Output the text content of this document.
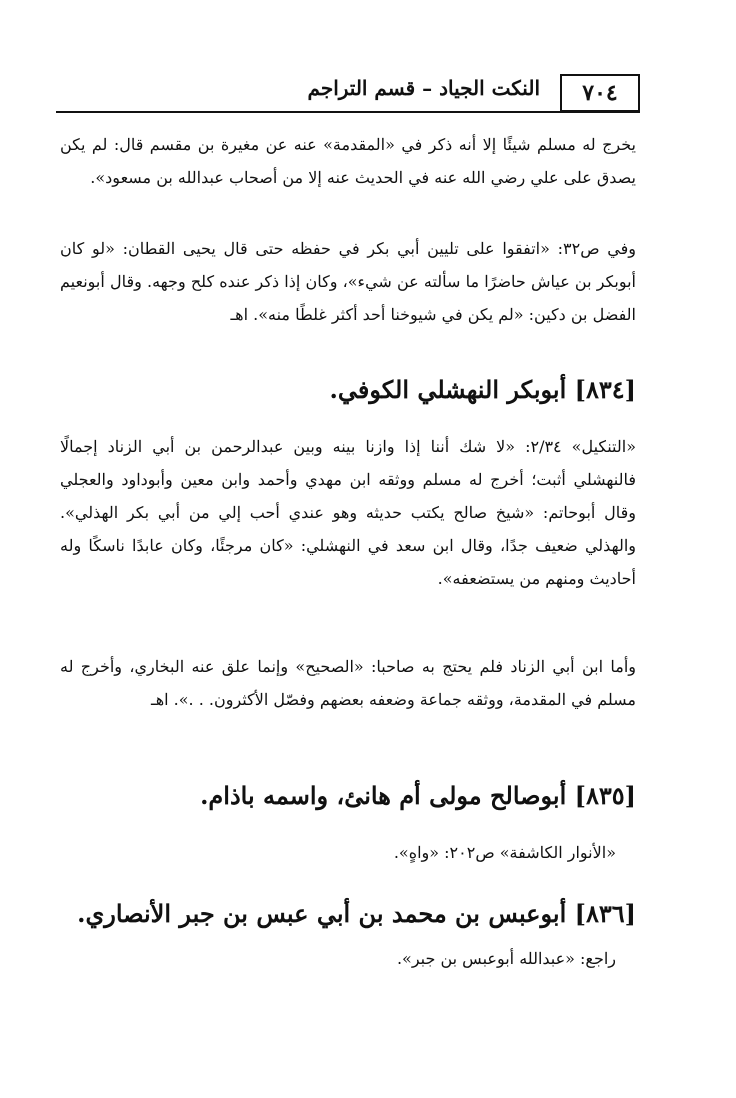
٧٠٤
النكت الجياد – قسم التراجم
يخرج له مسلم شيئًا إلا أنه ذكر في «المقدمة» عنه عن مغيرة بن مقسم قال: لم يكن يصدق على علي رضي الله عنه في الحديث عنه إلا من أصحاب عبدالله بن مسعود».
وفي ص٣٢: «اتفقوا على تليين أبي بكر في حفظه حتى قال يحيى القطان: «لو كان أبوبكر بن عياش حاضرًا ما سألته عن شيء»، وكان إذا ذكر عنده كلح وجهه. وقال أبونعيم الفضل بن دكين: «لم يكن في شيوخنا أحد أكثر غلطًا منه». اهـ
[٨٣٤] أبوبكر النهشلي الكوفي.
«التنكيل» ٢/٣٤: «لا شك أننا إذا وازنا بينه وبين عبدالرحمن بن أبي الزناد إجمالًا فالنهشلي أثبت؛ أخرج له مسلم ووثقه ابن مهدي وأحمد وابن معين وأبوداود والعجلي وقال أبوحاتم: «شيخ صالح يكتب حديثه وهو عندي أحب إلي من أبي بكر الهذلي». والهذلي ضعيف جدًا، وقال ابن سعد في النهشلي: «كان مرجئًا، وكان عابدًا ناسكًا وله أحاديث ومنهم من يستضعفه».
وأما ابن أبي الزناد فلم يحتج به صاحبا: «الصحيح» وإنما علق عنه البخاري، وأخرج له مسلم في المقدمة، ووثقه جماعة وضعفه بعضهم وفصّل الأكثرون. . .». اهـ
[٨٣٥] أبوصالح مولى أم هانئ، واسمه باذام.
«الأنوار الكاشفة» ص٢٠٢: «واهٍ».
[٨٣٦] أبوعبس بن محمد بن أبي عبس بن جبر الأنصاري.
راجع: «عبدالله أبوعبس بن جبر».
